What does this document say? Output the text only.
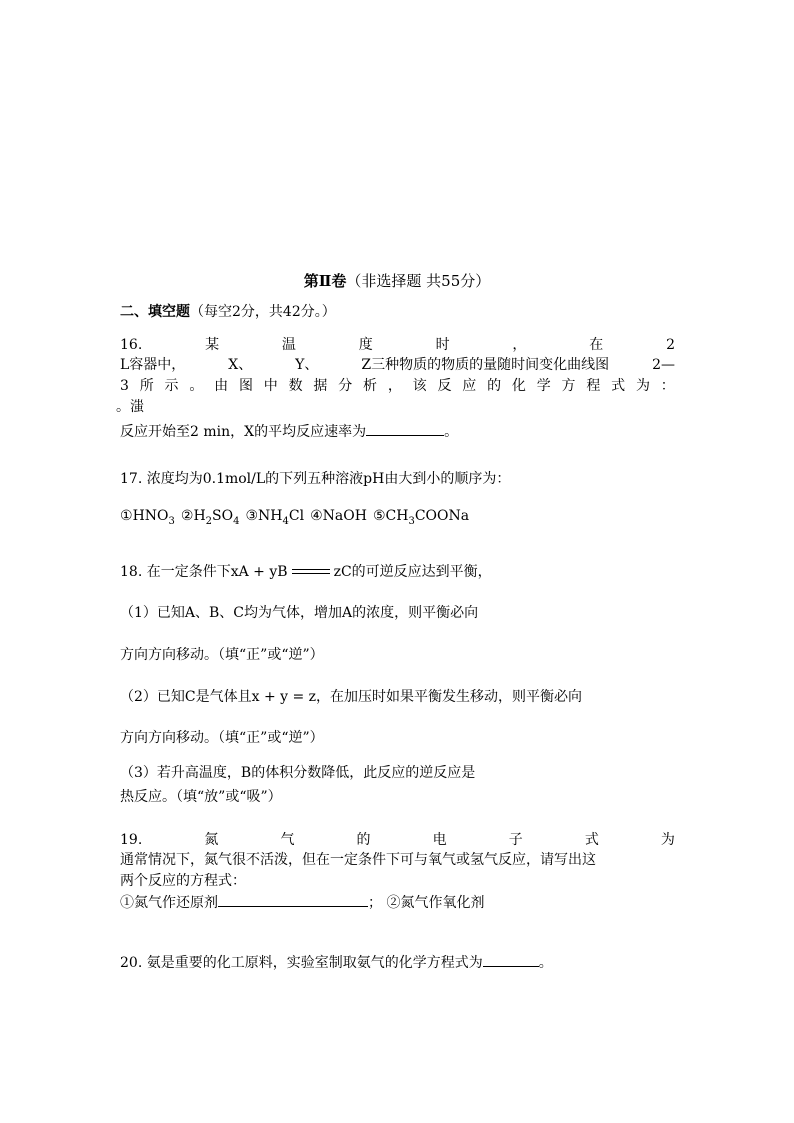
第Ⅱ卷（非选择题 共55分）
二、填空题（每空2分，共42分。）
16.	某	温	度	时	，	在	2
L容器中，	X、	Y、	Z三种物质的物质的量随时间变化曲线图	2—
3 所 示 。 由 图 中 数 据 分 析 ， 该 反 应 的 化 学 方 程 式 为 ：
。滍
反应开始至2 min，X的平均反应速率为	。
17. 浓度均为0.1mol/L的下列五种溶液pH由大到小的顺序为：
$①HNO_3$ $②H_2SO_4$ $③NH_4Cl$ ④NaOH $⑤CH_3COONa$
18. 在一定条件下xA + yB	zC的可逆反应达到平衡，
（1）已知A、B、C均为气体，增加A的浓度，则平衡必向
方向方向移动。（填“正”或“逆”）
（2）已知C是气体且x + y = z，在加压时如果平衡发生移动，则平衡必向
方向方向移动。（填“正”或“逆”）
（3）若升高温度，B的体积分数降低，此反应的逆反应是
热反应。（填“放”或“吸”）
19.	氮	气	的	电	子	式	为
通常情况下，氮气很不活泼，但在一定条件下可与氧气或氢气反应，请写出这
两个反应的方程式：
①氮气作还原剂	； ②氮气作氧化剂
20. 氨是重要的化工原料，实验室制取氨气的化学方程式为	。
